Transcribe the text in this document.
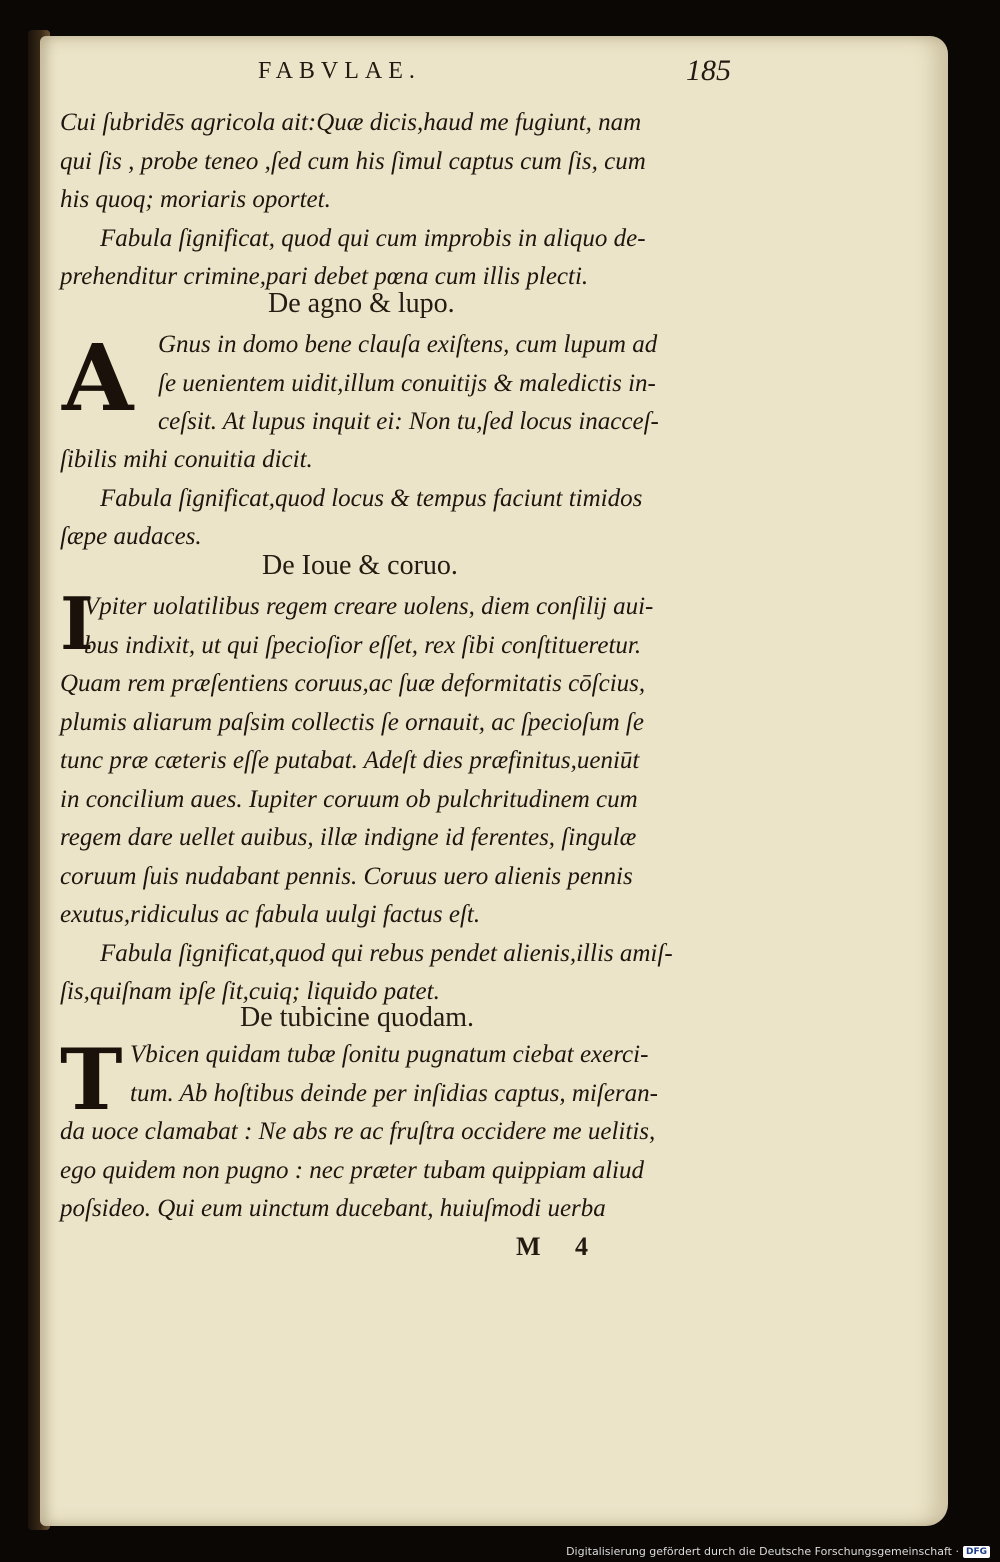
FABVLAE.	185
Cui ſubridēs agricola ait:Quæ dicis,haud me fugiunt, nam
qui ſis , probe teneo ,ſed cum his ſimul captus cum ſis, cum
his quoq; moriaris oportet.
Fabula ſignificat, quod qui cum improbis in aliquo de-
prehenditur crimine,pari debet pœna cum illis plecti.
De agno & lupo.
A Gnus in domo bene clauſa exiſtens, cum lupum ad
ſe uenientem uidit,illum conuitijs & maledictis in-
ceſsit. At lupus inquit ei: Non tu,ſed locus inacceſ-
ſibilis mihi conuitia dicit.
Fabula ſignificat,quod locus & tempus faciunt timidos
ſæpe audaces.
De Ioue & coruo.
I
Vpiter uolatilibus regem creare uolens, diem conſilij aui-
bus indixit, ut qui ſpecioſior eſſet, rex ſibi conſtitueretur.
Quam rem præſentiens coruus,ac ſuæ deformitatis cōſcius,
plumis aliarum paſsim collectis ſe ornauit, ac ſpecioſum ſe
tunc præ cæteris eſſe putabat. Adeſt dies præfinitus,ueniūt
in concilium aues. Iupiter coruum ob pulchritudinem cum
regem dare uellet auibus, illæ indigne id ferentes, ſingulæ
coruum ſuis nudabant pennis. Coruus uero alienis pennis
exutus,ridiculus ac fabula uulgi factus eſt.
Fabula ſignificat,quod qui rebus pendet alienis,illis amiſ-
ſis,quiſnam ipſe ſit,cuiq; liquido patet.
De tubicine quodam.
T Vbicen quidam tubæ ſonitu pugnatum ciebat exerci-
tum. Ab hoſtibus deinde per inſidias captus, miſeran-
da uoce clamabat : Ne abs re ac fruſtra occidere me uelitis,
ego quidem non pugno : nec præter tubam quippiam aliud
poſsideo. Qui eum uinctum ducebant, huiuſmodi uerba
M 4
Digitalisierung gefördert durch die Deutsche Forschungsgemeinschaft · DFG
